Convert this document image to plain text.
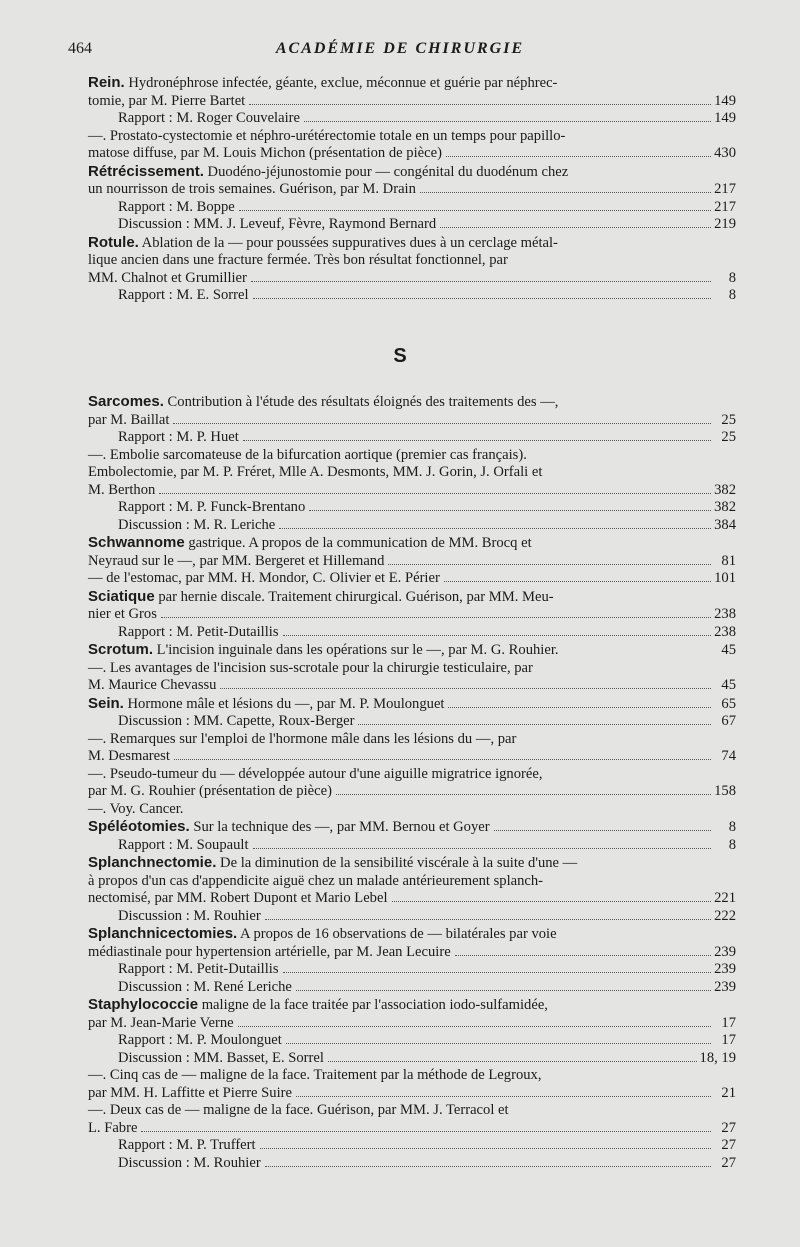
464	ACADÉMIE DE CHIRURGIE
Rein. Hydronéphrose infectée, géante, exclue, méconnue et guérie par néphrec-
tomie, par M. Pierre Bartet	149
Rapport : M. Roger Couvelaire	149
—. Prostato-cystectomie et néphro-urétérectomie totale en un temps pour papillo-
matose diffuse, par M. Louis Michon (présentation de pièce)	430
Rétrécissement. Duodéno-jéjunostomie pour — congénital du duodénum chez
un nourrisson de trois semaines. Guérison, par M. Drain	217
Rapport : M. Boppe	217
Discussion : MM. J. Leveuf, Fèvre, Raymond Bernard	219
Rotule. Ablation de la — pour poussées suppuratives dues à un cerclage métal-
lique ancien dans une fracture fermée. Très bon résultat fonctionnel, par
MM. Chalnot et Grumillier	8
Rapport : M. E. Sorrel	8
S
Sarcomes. Contribution à l'étude des résultats éloignés des traitements des —,
par M. Baillat	25
Rapport : M. P. Huet	25
—. Embolie sarcomateuse de la bifurcation aortique (premier cas français).
Embolectomie, par M. P. Fréret, Mlle A. Desmonts, MM. J. Gorin, J. Orfali et
M. Berthon	382
Rapport : M. P. Funck-Brentano	382
Discussion : M. R. Leriche	384
Schwannome gastrique. A propos de la communication de MM. Brocq et
Neyraud sur le —, par MM. Bergeret et Hillemand	81
— de l'estomac, par MM. H. Mondor, C. Olivier et E. Périer	101
Sciatique par hernie discale. Traitement chirurgical. Guérison, par MM. Meu-
nier et Gros	238
Rapport : M. Petit-Dutaillis	238
Scrotum. L'incision inguinale dans les opérations sur le —, par M. G. Rouhier.	45
—. Les avantages de l'incision sus-scrotale pour la chirurgie testiculaire, par
M. Maurice Chevassu	45
Sein. Hormone mâle et lésions du —, par M. P. Moulonguet	65
Discussion : MM. Capette, Roux-Berger	67
—. Remarques sur l'emploi de l'hormone mâle dans les lésions du —, par
M. Desmarest	74
—. Pseudo-tumeur du — développée autour d'une aiguille migratrice ignorée,
par M. G. Rouhier (présentation de pièce)	158
—. Voy. Cancer.
Spéléotomies. Sur la technique des —, par MM. Bernou et Goyer	8
Rapport : M. Soupault	8
Splanchnectomie. De la diminution de la sensibilité viscérale à la suite d'une —
à propos d'un cas d'appendicite aiguë chez un malade antérieurement splanch-
nectomisé, par MM. Robert Dupont et Mario Lebel	221
Discussion : M. Rouhier	222
Splanchnicectomies. A propos de 16 observations de — bilatérales par voie
médiastinale pour hypertension artérielle, par M. Jean Lecuire	239
Rapport : M. Petit-Dutaillis	239
Discussion : M. René Leriche	239
Staphylococcie maligne de la face traitée par l'association iodo-sulfamidée,
par M. Jean-Marie Verne	17
Rapport : M. P. Moulonguet	17
Discussion : MM. Basset, E. Sorrel	18, 19
—. Cinq cas de — maligne de la face. Traitement par la méthode de Legroux,
par MM. H. Laffitte et Pierre Suire	21
—. Deux cas de — maligne de la face. Guérison, par MM. J. Terracol et
L. Fabre	27
Rapport : M. P. Truffert	27
Discussion : M. Rouhier	27
